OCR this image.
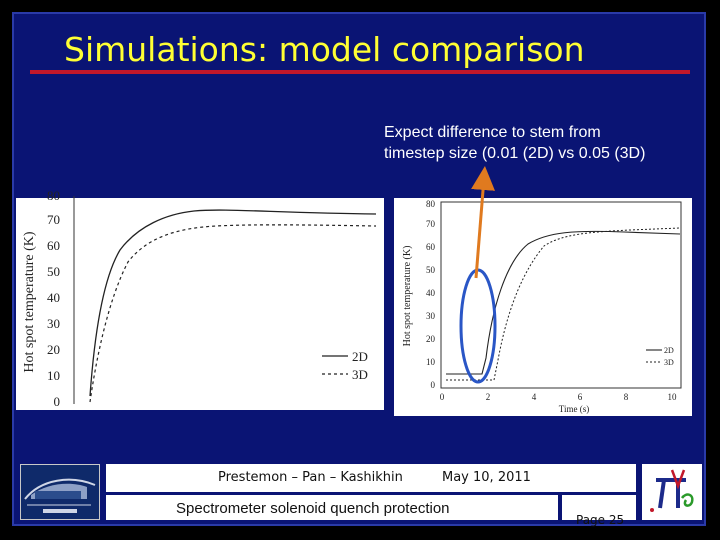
Simulations: model comparison
Expect difference to stem from
timestep size (0.01 (2D) vs 0.05 (3D)
Hot spot temperature (K)
0
10
20
30
40
50
60
70
80
2D
3D
Hot spot temperature (K)
0
10
20
30
40
50
60
70
80
0	2	4	6	8	10
Time (s)
2D
3D
Prestemon – Pan – Kashikhin	May 10, 2011
Spectrometer solenoid quench protection
Page 25
